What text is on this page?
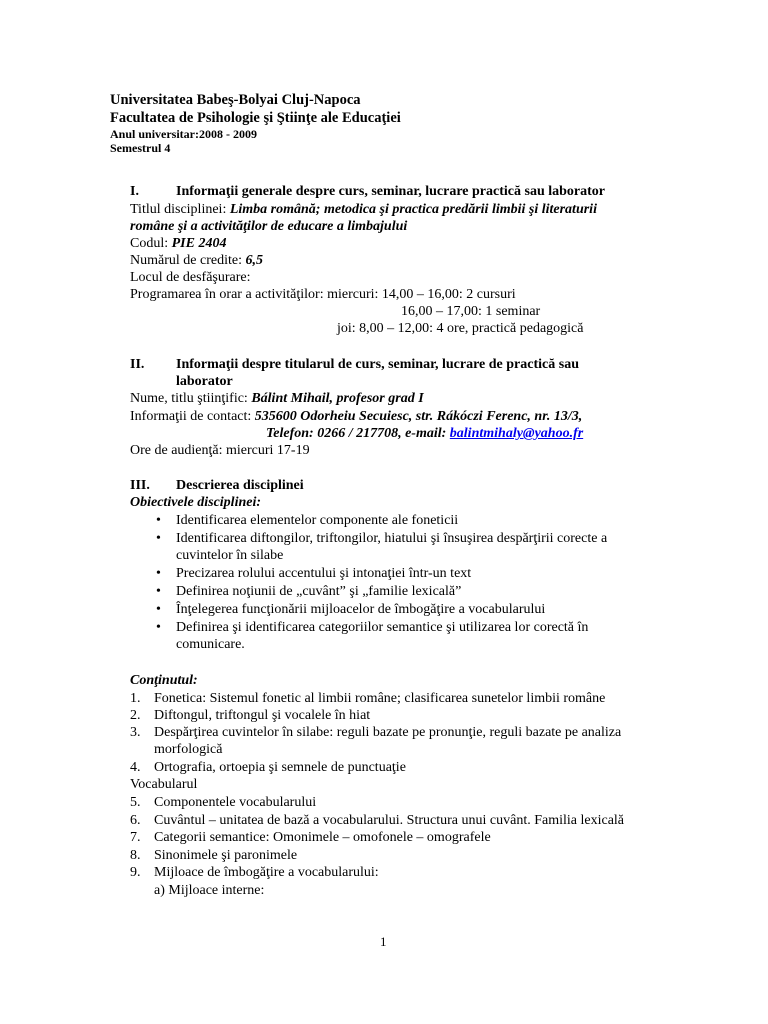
Universitatea Babeş-Bolyai Cluj-Napoca
Facultatea de Psihologie şi Ştiinţe ale Educaţiei
Anul universitar:2008 - 2009
Semestrul 4
I.	Informaţii generale despre curs, seminar, lucrare practică sau laborator
Titlul disciplinei: Limba română; metodica şi practica predării limbii şi literaturii
române şi a activităţilor de educare a limbajului
Codul: PIE 2404
Numărul de credite: 6,5
Locul de desfăşurare:
Programarea în orar a activităţilor: miercuri: 14,00 – 16,00: 2 cursuri
16,00 – 17,00: 1 seminar
joi: 8,00 – 12,00: 4 ore, practică pedagogică
II. Informaţii despre titularul de curs, seminar, lucrare de practică sau
laborator
Nume, titlu ştiinţific: Bálint Mihail, profesor grad I
Informaţii de contact: 535600 Odorheiu Secuiesc, str. Rákóczi Ferenc, nr. 13/3,
Telefon: 0266 / 217708, e-mail: balintmihaly@yahoo.fr
Ore de audienţă: miercuri 17-19
III. Descrierea disciplinei
Obiectivele disciplinei:
• Identificarea elementelor componente ale foneticii
• Identificarea diftongilor, triftongilor, hiatului şi însuşirea despărţirii corecte a
cuvintelor în silabe
• Precizarea rolului accentului şi intonaţiei într-un text
• Definirea noţiunii de „cuvânt” şi „familie lexicală”
• Înţelegerea funcţionării mijloacelor de îmbogăţire a vocabularului
• Definirea şi identificarea categoriilor semantice şi utilizarea lor corectă în
comunicare.
Conţinutul:
1. Fonetica: Sistemul fonetic al limbii române; clasificarea sunetelor limbii române
2. Diftongul, triftongul şi vocalele în hiat
3. Despărţirea cuvintelor în silabe: reguli bazate pe pronunţie, reguli bazate pe analiza
morfologică
4. Ortografia, ortoepia şi semnele de punctuaţie
Vocabularul
5. Componentele vocabularului
6. Cuvântul – unitatea de bază a vocabularului. Structura unui cuvânt. Familia lexicală
7. Categorii semantice: Omonimele – omofonele – omografele
8. Sinonimele şi paronimele
9. Mijloace de îmbogăţire a vocabularului:
a) Mijloace interne:
1
